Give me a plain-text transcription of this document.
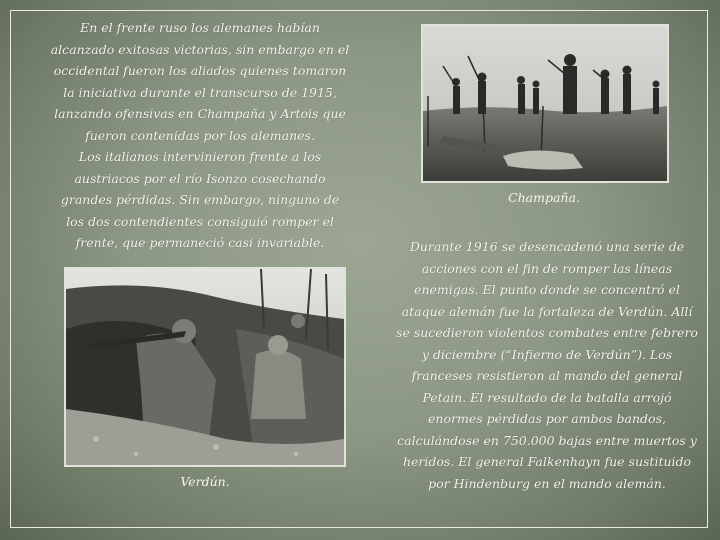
En el frente ruso los alemanes habían alcanzado exitosas victorias, sin embargo en el occidental fueron los aliados quienes tomaron la iniciativa durante el transcurso de 1915, lanzando ofensivas en Champaña y Artois que fueron contenidas por los alemanes.

Los italianos intervinieron frente a los austriacos por el río Isonzo cosechando grandes pérdidas. Sin embargo, ninguno de los dos contendientes consiguió romper el frente, que permaneció casi invariable.

Champaña.
Verdún.

Durante 1916 se desencadenó una serie de acciones con el fin de romper las líneas enemigas. El punto donde se concentró el ataque alemán fue la fortaleza de Verdún. Allí se sucedieron violentos combates entre febrero y diciembre (“Infierno de Verdún”). Los franceses resistieron al mando del general Petain. El resultado de la batalla arrojó enormes pérdidas por ambos bandos, calculándose en 750.000 bajas entre muertos y heridos. El general Falkenhayn fue sustituido por Hindenburg en el mando alemán.
